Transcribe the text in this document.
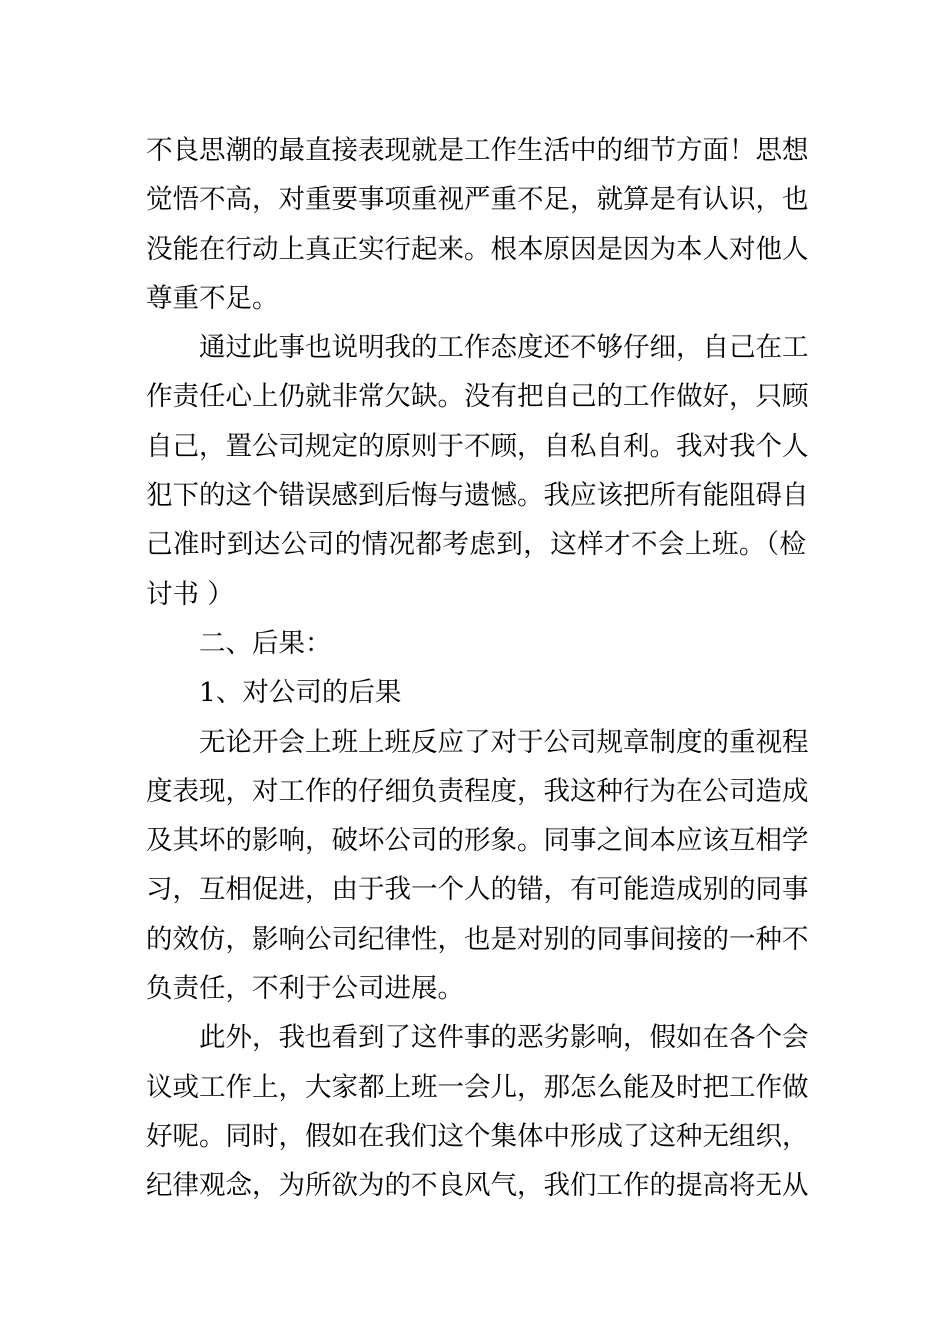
不良思潮的最直接表现就是工作生活中的细节方面！思想
觉悟不高，对重要事项重视严重不足，就算是有认识，也
没能在行动上真正实行起来。根本原因是因为本人对他人
尊重不足。

通过此事也说明我的工作态度还不够仔细，自己在工
作责任心上仍就非常欠缺。没有把自己的工作做好，只顾
自己，置公司规定的原则于不顾，自私自利。我对我个人
犯下的这个错误感到后悔与遗憾。我应该把所有能阻碍自
己准时到达公司的情况都考虑到，这样才不会上班。（检
讨书 ）

二、后果：

1、对公司的后果

无论开会上班上班反应了对于公司规章制度的重视程
度表现，对工作的仔细负责程度，我这种行为在公司造成
及其坏的影响，破坏公司的形象。同事之间本应该互相学
习，互相促进，由于我一个人的错，有可能造成别的同事
的效仿，影响公司纪律性，也是对别的同事间接的一种不
负责任，不利于公司进展。

此外，我也看到了这件事的恶劣影响，假如在各个会
议或工作上，大家都上班一会儿，那怎么能及时把工作做
好呢。同时，假如在我们这个集体中形成了这种无组织，
纪律观念，为所欲为的不良风气，我们工作的提高将无从
